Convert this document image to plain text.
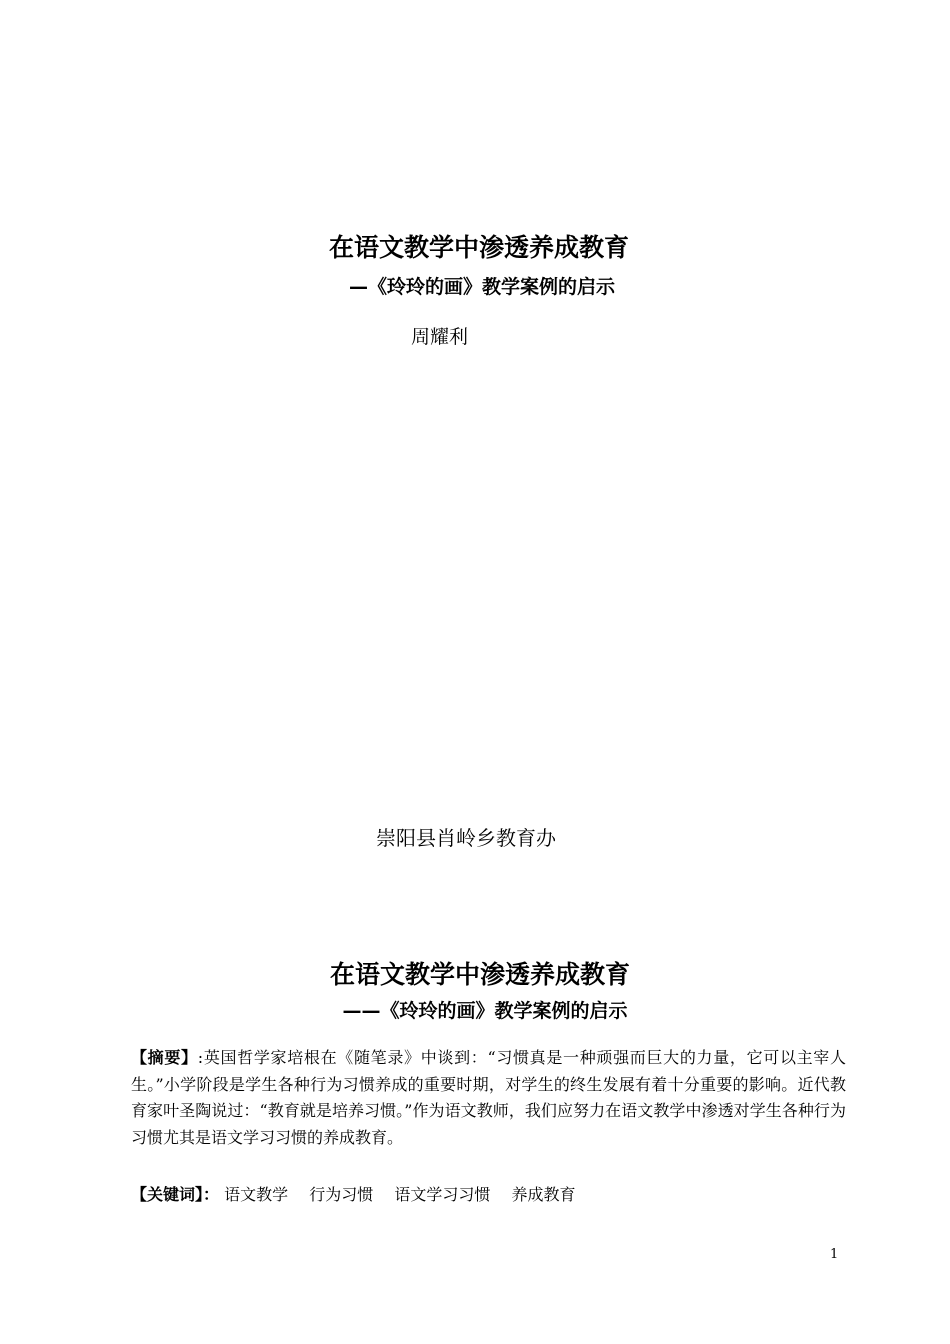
在语文教学中渗透养成教育
—《玲玲的画》教学案例的启示
周耀利
崇阳县肖岭乡教育办
在语文教学中渗透养成教育
——《玲玲的画》教学案例的启示
【摘要】:英国哲学家培根在《随笔录》中谈到：“习惯真是一种顽强而巨大的力量，它可以主宰人生。”小学阶段是学生各种行为习惯养成的重要时期，对学生的终生发展有着十分重要的影响。近代教育家叶圣陶说过：“教育就是培养习惯。”作为语文教师，我们应努力在语文教学中渗透对学生各种行为习惯尤其是语文学习习惯的养成教育。
【关键词】： 语文教学 行为习惯 语文学习习惯 养成教育
1
